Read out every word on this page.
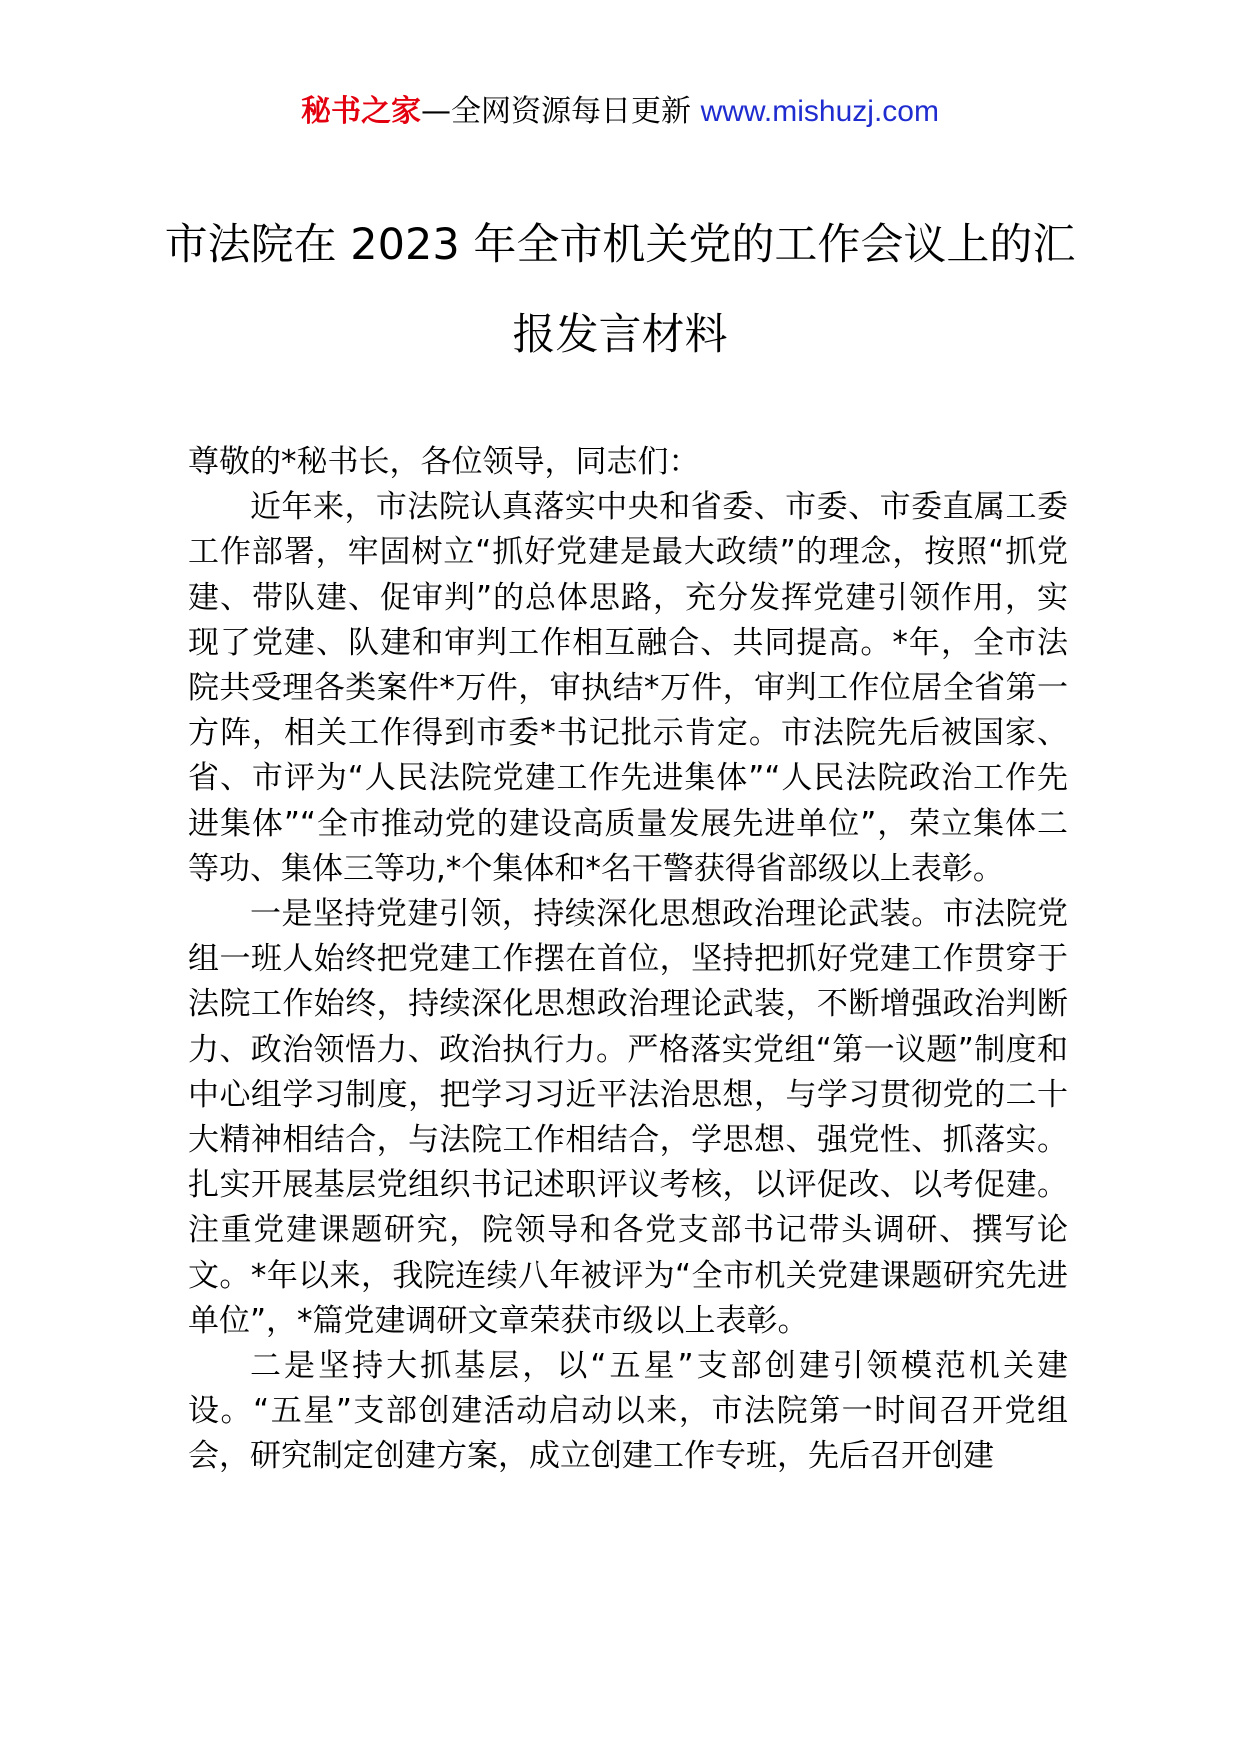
秘书之家—全网资源每日更新 www.mishuzj.com
市法院在 2023 年全市机关党的工作会议上的汇报发言材料

尊敬的*秘书长，各位领导，同志们：

近年来，市法院认真落实中央和省委、市委、市委直属工委工作部署，牢固树立“抓好党建是最大政绩”的理念，按照“抓党建、带队建、促审判”的总体思路，充分发挥党建引领作用，实现了党建、队建和审判工作相互融合、共同提高。*年，全市法院共受理各类案件*万件，审执结*万件，审判工作位居全省第一方阵，相关工作得到市委*书记批示肯定。市法院先后被国家、省、市评为“人民法院党建工作先进集体”“人民法院政治工作先进集体”“全市推动党的建设高质量发展先进单位”，荣立集体二等功、集体三等功,*个集体和*名干警获得省部级以上表彰。

一是坚持党建引领，持续深化思想政治理论武装。市法院党组一班人始终把党建工作摆在首位，坚持把抓好党建工作贯穿于法院工作始终，持续深化思想政治理论武装，不断增强政治判断力、政治领悟力、政治执行力。严格落实党组“第一议题”制度和中心组学习制度，把学习习近平法治思想，与学习贯彻党的二十大精神相结合，与法院工作相结合，学思想、强党性、抓落实。扎实开展基层党组织书记述职评议考核，以评促改、以考促建。注重党建课题研究，院领导和各党支部书记带头调研、撰写论文。*年以来，我院连续八年被评为“全市机关党建课题研究先进单位”，*篇党建调研文章荣获市级以上表彰。

二是坚持大抓基层，以“五星”支部创建引领模范机关建设。“五星”支部创建活动启动以来，市法院第一时间召开党组会，研究制定创建方案，成立创建工作专班，先后召开创建
